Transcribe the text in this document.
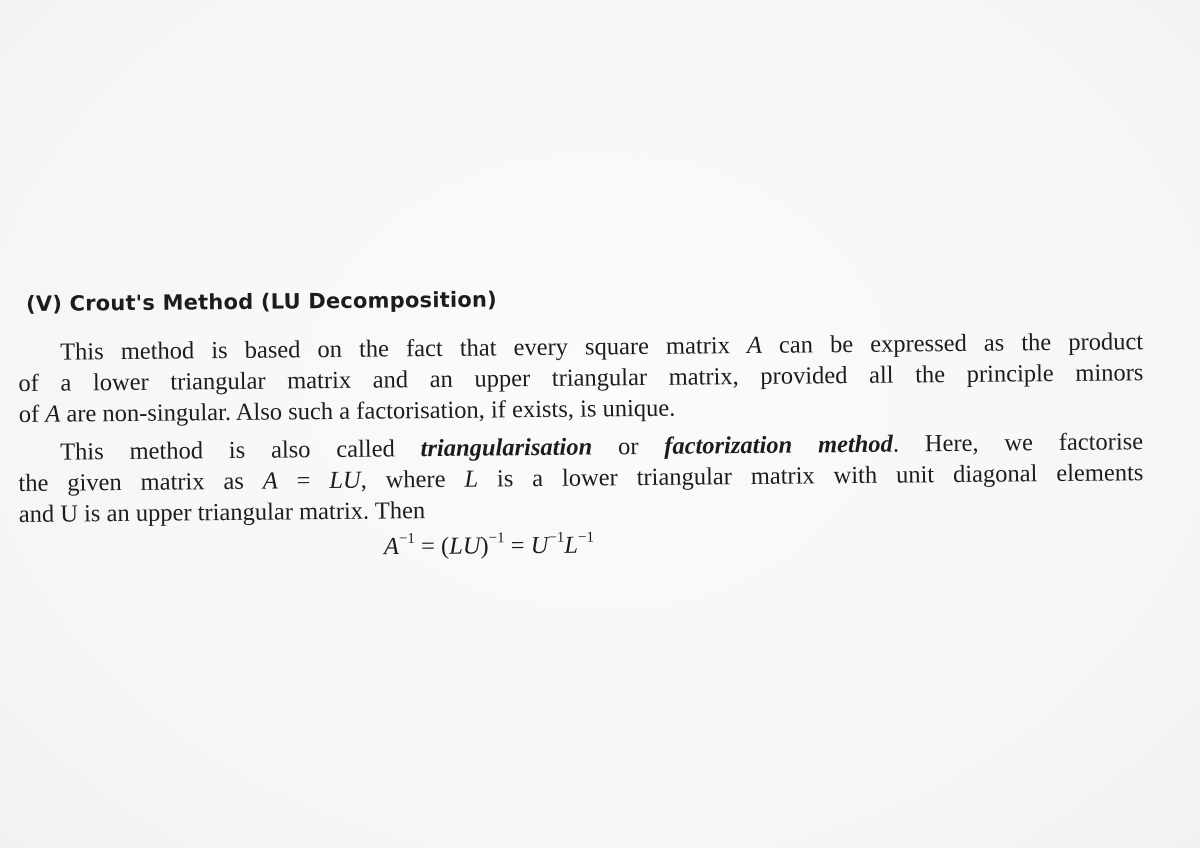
(V) Crout's Method (LU Decomposition)
This method is based on the fact that every square matrix A can be expressed as the product
of a lower triangular matrix and an upper triangular matrix, provided all the principle minors
of A are non-singular. Also such a factorisation, if exists, is unique.
This method is also called triangularisation or factorization method. Here, we factorise
the given matrix as A = LU, where L is a lower triangular matrix with unit diagonal elements
and U is an upper triangular matrix. Then
$A^{-1} = (LU)^{-1} = U^{-1}L^{-1}$
